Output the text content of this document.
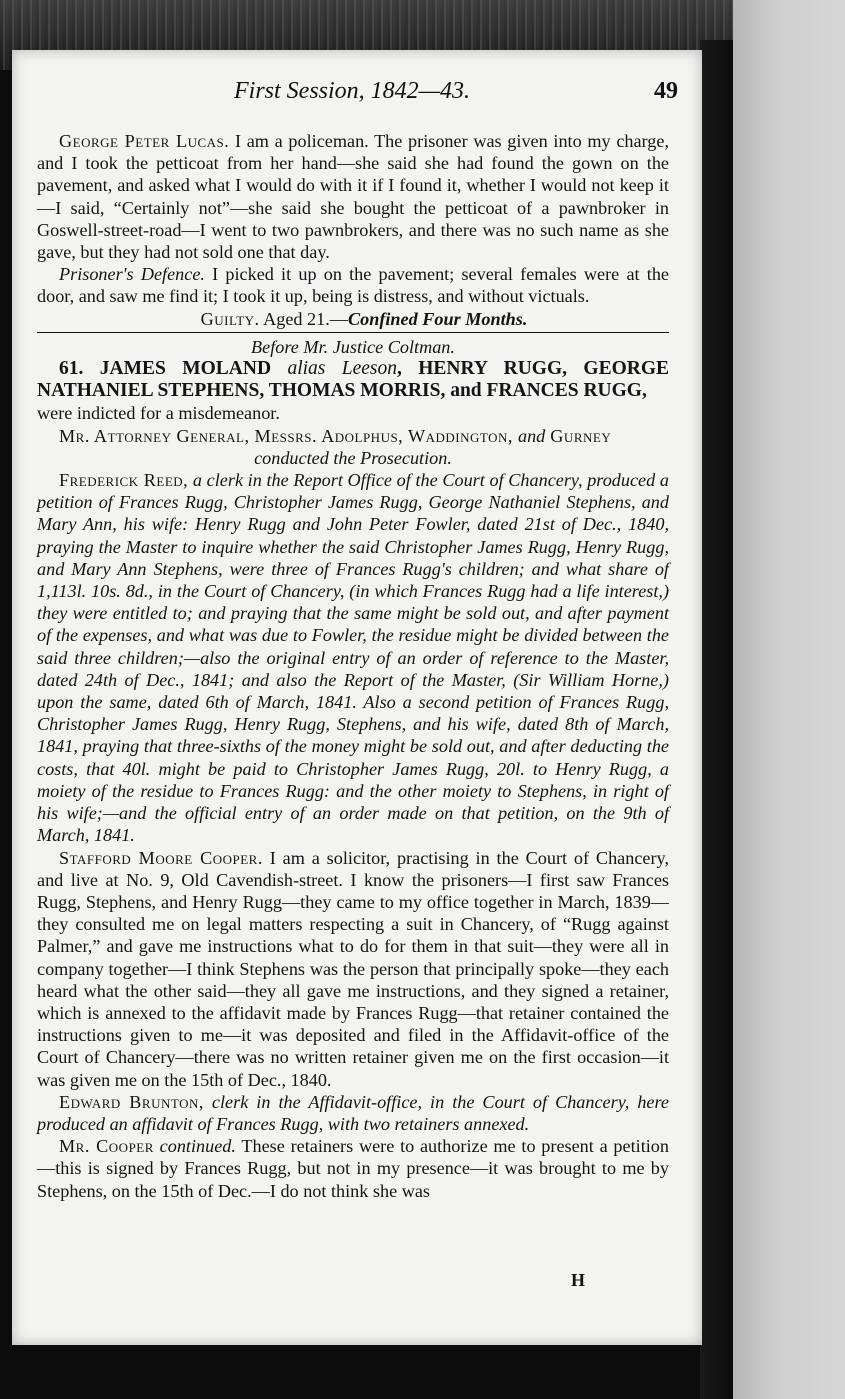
First Session, 1842—43.	49

George Peter Lucas. I am a policeman. The prisoner was given into my charge, and I took the petticoat from her hand—she said she had found the gown on the pavement, and asked what I would do with it if I found it, whether I would not keep it—I said, “Certainly not”—she said she bought the petticoat of a pawnbroker in Goswell-street-road—I went to two pawnbrokers, and there was no such name as she gave, but they had not sold one that day.

Prisoner's Defence. I picked it up on the pavement; several females were at the door, and saw me find it; I took it up, being is distress, and without victuals.

Guilty. Aged 21.—Confined Four Months.

Before Mr. Justice Coltman.

61. JAMES MOLAND alias Leeson, HENRY RUGG, GEORGE NATHANIEL STEPHENS, THOMAS MORRIS, and FRANCES RUGG,

were indicted for a misdemeanor.

Mr. Attorney General, Messrs. Adolphus, Waddington, and Gurney

conducted the Prosecution.

Frederick Reed, a clerk in the Report Office of the Court of Chancery, produced a petition of Frances Rugg, Christopher James Rugg, George Nathaniel Stephens, and Mary Ann, his wife: Henry Rugg and John Peter Fowler, dated 21st of Dec., 1840, praying the Master to inquire whether the said Christopher James Rugg, Henry Rugg, and Mary Ann Stephens, were three of Frances Rugg's children; and what share of 1,113l. 10s. 8d., in the Court of Chancery, (in which Frances Rugg had a life interest,) they were entitled to; and praying that the same might be sold out, and after payment of the expenses, and what was due to Fowler, the residue might be divided between the said three children;—also the original entry of an order of reference to the Master, dated 24th of Dec., 1841; and also the Report of the Master, (Sir William Horne,) upon the same, dated 6th of March, 1841. Also a second petition of Frances Rugg, Christopher James Rugg, Henry Rugg, Stephens, and his wife, dated 8th of March, 1841, praying that three-sixths of the money might be sold out, and after deducting the costs, that 40l. might be paid to Christopher James Rugg, 20l. to Henry Rugg, a moiety of the residue to Frances Rugg: and the other moiety to Stephens, in right of his wife;—and the official entry of an order made on that petition, on the 9th of March, 1841.

Stafford Moore Cooper. I am a solicitor, practising in the Court of Chancery, and live at No. 9, Old Cavendish-street. I know the prisoners—I first saw Frances Rugg, Stephens, and Henry Rugg—they came to my office together in March, 1839—they consulted me on legal matters respecting a suit in Chancery, of “Rugg against Palmer,” and gave me instructions what to do for them in that suit—they were all in company together—I think Stephens was the person that principally spoke—they each heard what the other said—they all gave me instructions, and they signed a retainer, which is annexed to the affidavit made by Frances Rugg—that retainer contained the instructions given to me—it was deposited and filed in the Affidavit-office of the Court of Chancery—there was no written retainer given me on the first occasion—it was given me on the 15th of Dec., 1840.

Edward Brunton, clerk in the Affidavit-office, in the Court of Chancery, here produced an affidavit of Frances Rugg, with two retainers annexed.

Mr. Cooper continued. These retainers were to authorize me to present a petition—this is signed by Frances Rugg, but not in my presence—it was brought to me by Stephens, on the 15th of Dec.—I do not think she was

H
